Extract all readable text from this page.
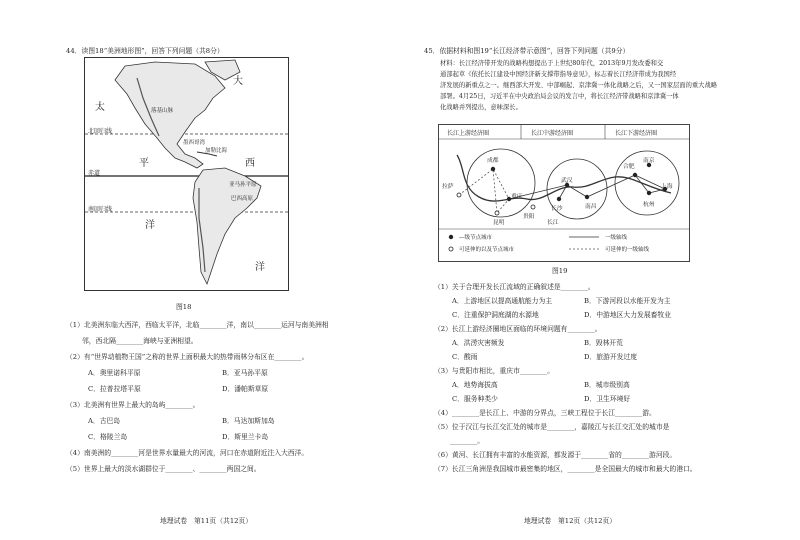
44．读图18“美洲地形图”，回答下列问题（共8分）
大
太
平	西
洋
洋
北回归线
赤道
南回归线
落基山脉
加勒比海
墨西哥湾
亚马孙平原
巴西高原
图18
（1）北美洲东临大西洋，西临太平洋，北临________洋，南以________运河与南美洲相
邻，西北隔________海峡与亚洲相望。
（2）有“世界动植物王国”之称的世界上面积最大的热带雨林分布区在________。
A．奥里诺科平原	B．亚马孙平原
C．拉普拉塔平原	D．潘帕斯草原
（3）北美洲有世界上最大的岛屿________。
A．古巴岛	B．马达加斯加岛
C．格陵兰岛	D．斯里兰卡岛
（4）南美洲的________河是世界水量最大的河流，河口在赤道附近注入大西洋。
（5）世界上最大的淡水湖群位于________、________两国之间。
地理试卷　第11页（共12页）
45．依据材料和图19“长江经济带示意图”，回答下列问题（共9分）
材料：长江经济带开发的战略构想提出于上世纪80年代，2013年9月发改委和交
通部起草《依托长江建设中国经济新支撑带指导意见》，标志着长江经济带成为我国经
济发展的新重点之一。继西部大开发、中部崛起、京津冀一体化战略之后，又一国家层面的重大战略
部署。4月25日，习近平在中央政治局会议的发言中，将长江经济带战略和京津冀一体
化战略并列提出，意味深长。
长江上游经济圈	长江中游经济圈	长江下游经济圈
拉萨
成都
重庆
贵阳
昆明
武汉
长沙	南昌
合肥
南京
上海
杭州
长江
—级节点城市
可延伸的以及节点城市
一级轴线
可延伸的一级轴线
图19
（1）关于合理开发长江流域的正确叙述是________。
A．上游地区以提高通航能力为主	B．下游河段以水能开发为主
C．注重保护洞庭湖的水源地	D．中游地区大力发展畜牧业
（2）长江上游经济圈地区面临的环境问题有________。
A．洪涝灾害频发	B．毁林开荒
C．酸雨	D．旅游开发过度
（3）与贵阳市相比，重庆市________。
A．地势海拔高	B．城市级别高
C．服务种类少	D．卫生环境好
（4）________是长江上、中游的分界点，三峡工程位于长江________游。
（5）位于汉江与长江交汇处的城市是________，嘉陵江与长江交汇处的城市是
________。
（6）黄河、长江拥有丰富的水能资源，都发源于________省的________游河段。
（7）长江三角洲是我国城市最密集的地区，________是全国最大的城市和最大的港口。
地理试卷　第12页（共12页）
